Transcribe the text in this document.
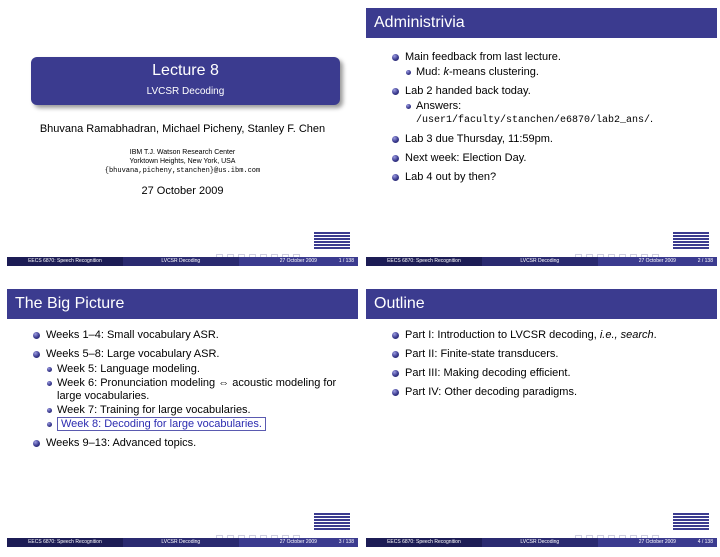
Lecture 8
LVCSR Decoding
Bhuvana Ramabhadran, Michael Picheny, Stanley F. Chen
IBM T.J. Watson Research Center
Yorktown Heights, New York, USA
{bhuvana,picheny,stanchen}@us.ibm.com
27 October 2009
EECS 6870: Speech Recognition	LVCSR Decoding	27 October 2009	1 / 138
Administrivia
Main feedback from last lecture.
Mud: k-means clustering.
Lab 2 handed back today.
Answers:
/user1/faculty/stanchen/e6870/lab2_ans/.
Lab 3 due Thursday, 11:59pm.
Next week: Election Day.
Lab 4 out by then?
EECS 6870: Speech Recognition	LVCSR Decoding	27 October 2009	2 / 138
The Big Picture
Weeks 1–4: Small vocabulary ASR.
Weeks 5–8: Large vocabulary ASR.
Week 5: Language modeling.
Week 6: Pronunciation modeling ⇔ acoustic modeling for large vocabularies.
Week 7: Training for large vocabularies.
Week 8: Decoding for large vocabularies.
Weeks 9–13: Advanced topics.
EECS 6870: Speech Recognition	LVCSR Decoding	27 October 2009	3 / 138
Outline
Part I: Introduction to LVCSR decoding, i.e., search.
Part II: Finite-state transducers.
Part III: Making decoding efficient.
Part IV: Other decoding paradigms.
EECS 6870: Speech Recognition	LVCSR Decoding	27 October 2009	4 / 138
